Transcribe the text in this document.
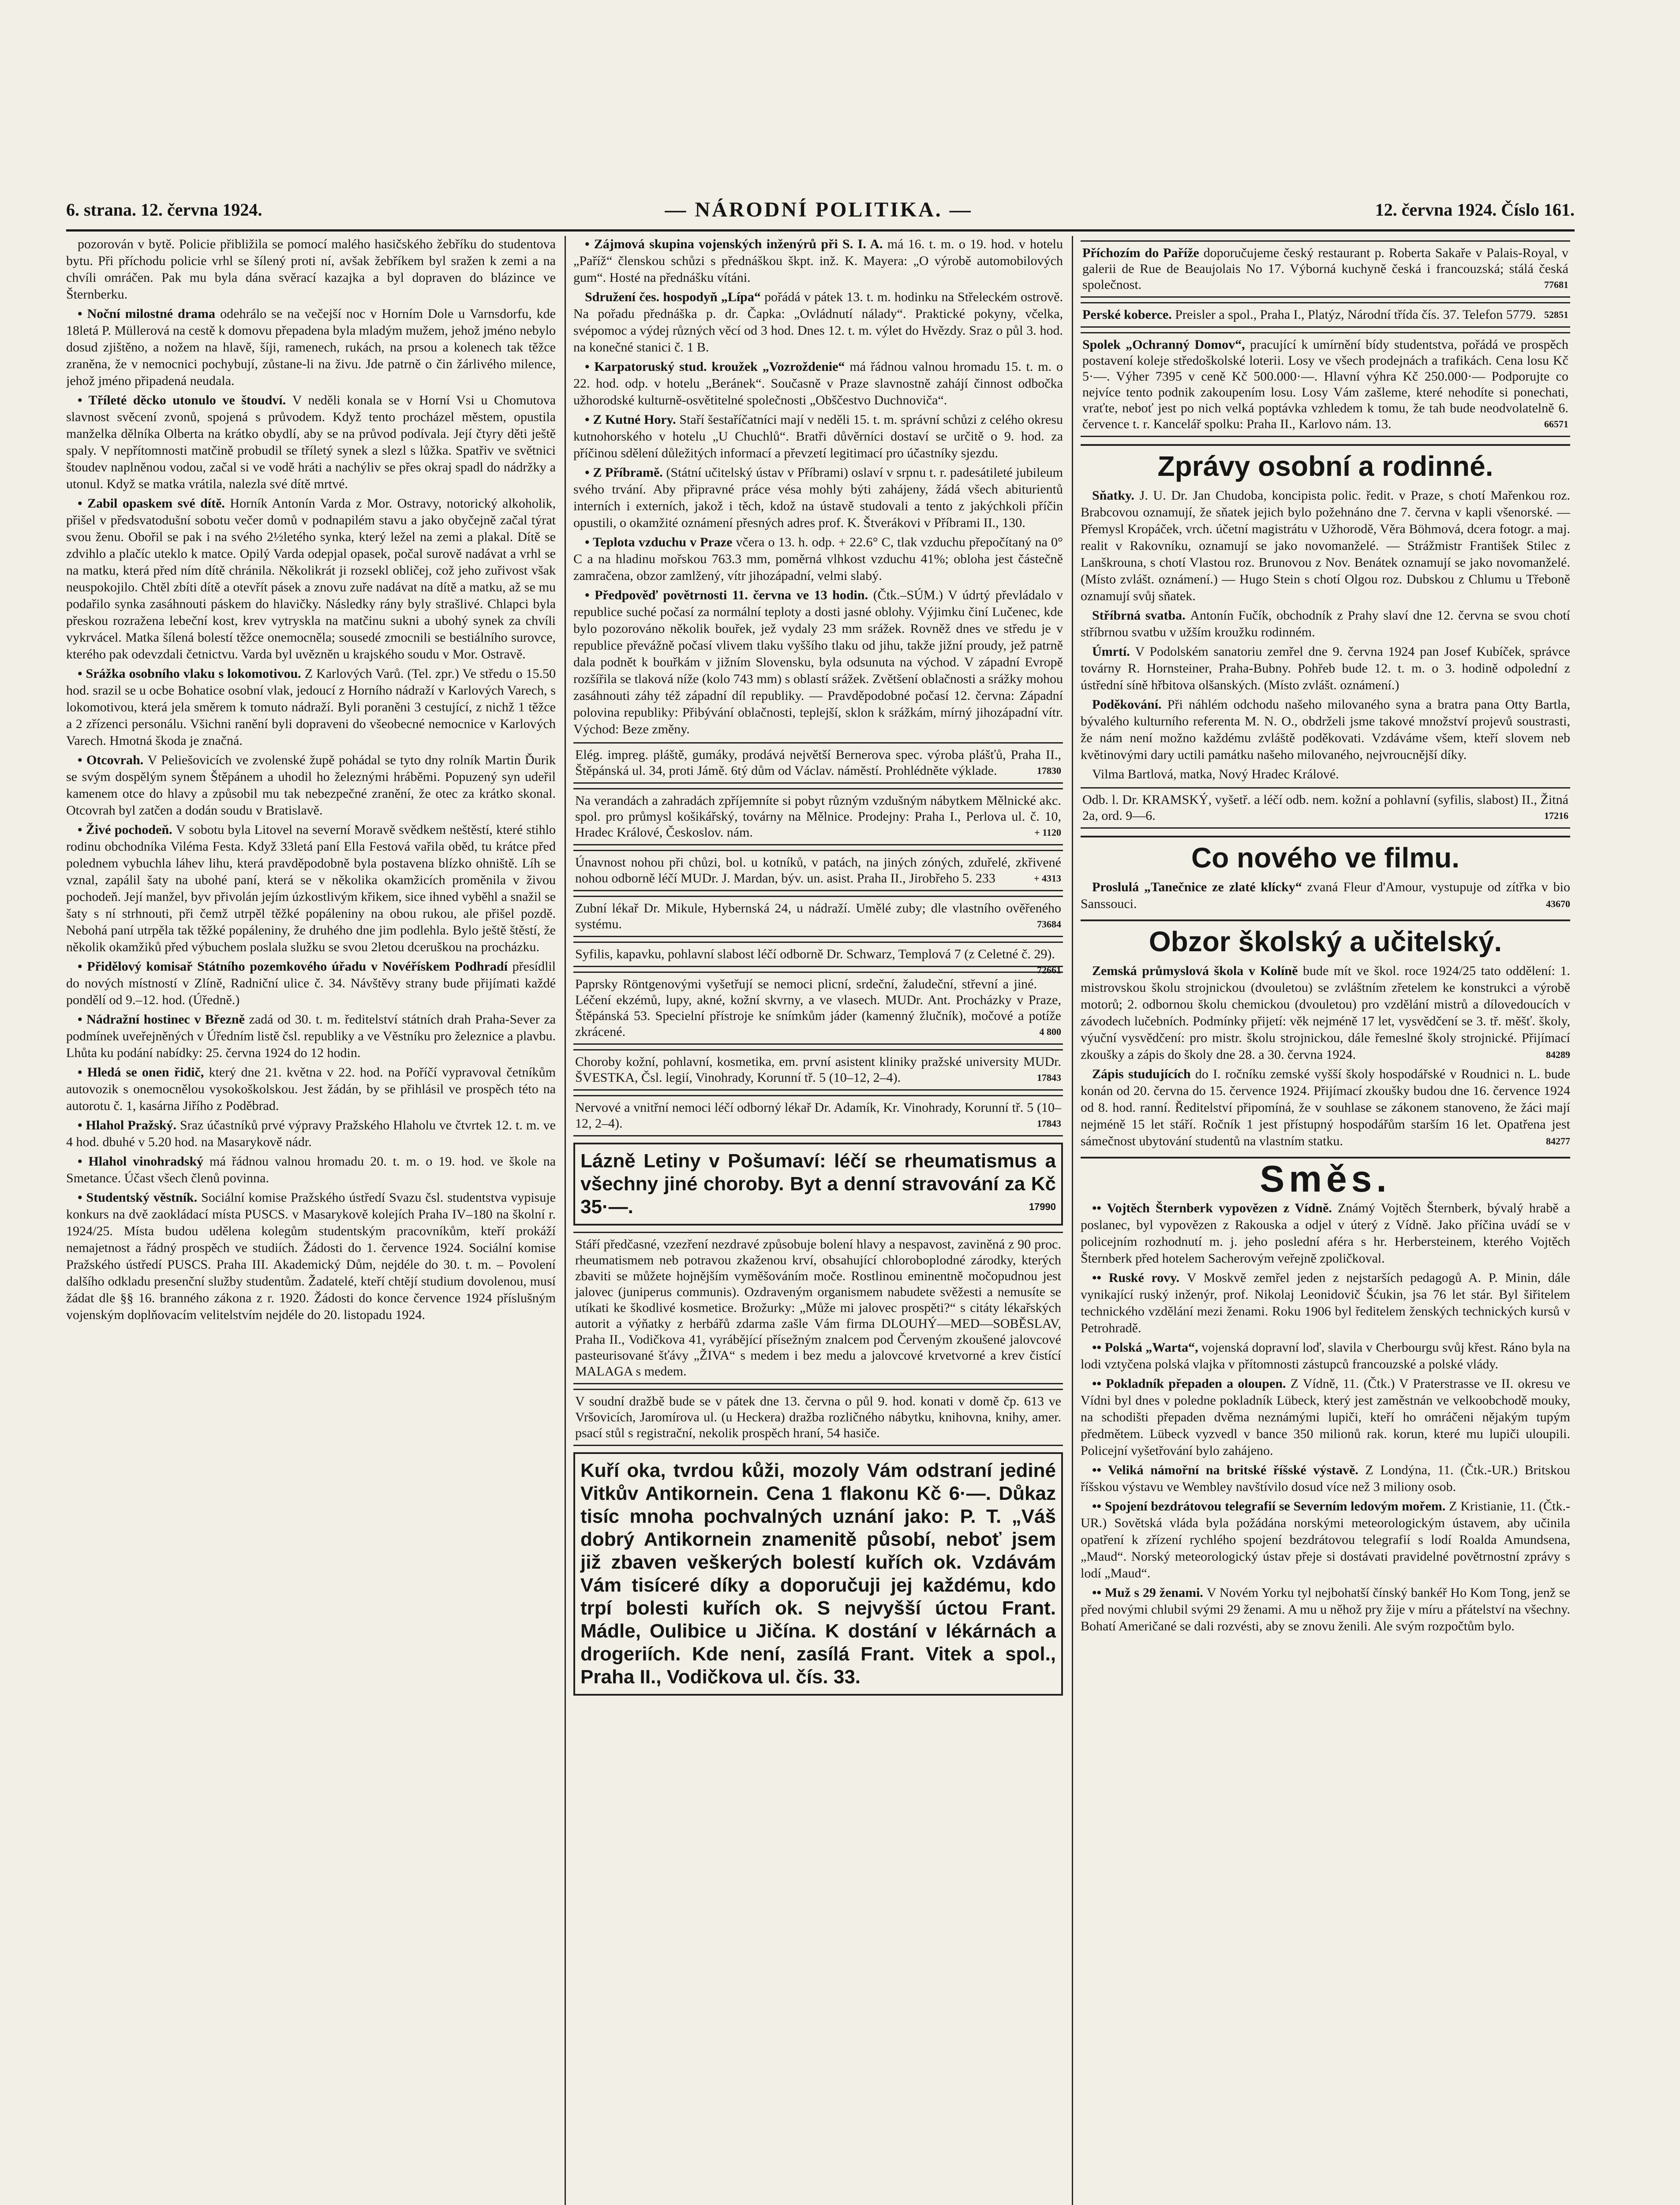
6. strana. 12. června 1924.	— NÁRODNÍ POLITIKA. —	12. června 1924. Číslo 161.

pozorován v bytě. Policie přibližila se pomocí malého hasičského žebříku do studentova bytu. Při příchodu policie vrhl se šílený proti ní, avšak žebříkem byl sražen k zemi a na chvíli omráčen. Pak mu byla dána svěrací kazajka a byl dopraven do blázince ve Šternberku.

• Noční milostné drama odehrálo se na večejší noc v Horním Dole u Varnsdorfu, kde 18letá P. Müllerová na cestě k domovu přepadena byla mladým mužem, jehož jméno nebylo dosud zjištěno, a nožem na hlavě, šíji, ramenech, rukách, na prsou a kolenech tak těžce zraněna, že v nemocnici pochybují, zůstane-li na živu. Jde patrně o čin žárlivého milence, jehož jméno připadená neudala.

• Tříleté děcko utonulo ve štoudví. V neděli konala se v Horní Vsi u Chomutova slavnost svěcení zvonů, spojená s průvodem. Když tento procházel městem, opustila manželka dělníka Olberta na krátko obydlí, aby se na průvod podívala. Její čtyry děti ještě spaly. V nepřítomnosti matčině probudil se tříletý synek a slezl s lůžka. Spatřiv ve světnici štoudev naplněnou vodou, začal si ve vodě hráti a nachýliv se přes okraj spadl do nádržky a utonul. Když se matka vrátila, nalezla své dítě mrtvé.

• Zabil opaskem své dítě. Horník Antonín Varda z Mor. Ostravy, notorický alkoholik, přišel v předsvatodušní sobotu večer domů v podnapilém stavu a jako obyčejně začal týrat svou ženu. Obořil se pak i na svého 2½letého synka, který ležel na zemi a plakal. Dítě se zdvihlo a plačíc uteklo k matce. Opilý Varda odepjal opasek, počal surově nadávat a vrhl se na matku, která před ním dítě chránila. Několikrát ji rozsekl obličej, což jeho zuřivost však neuspokojilo. Chtěl zbíti dítě a otevřít pásek a znovu zuře nadávat na dítě a matku, až se mu podařilo synka zasáhnouti páskem do hlavičky. Následky rány byly strašlivé. Chlapci byla přeskou rozražena lebeční kost, krev vytryskla na matčinu sukni a ubohý synek za chvíli vykrvácel. Matka šílená bolestí těžce onemocněla; sousedé zmocnili se bestiálního surovce, kterého pak odevzdali četnictvu. Varda byl uvězněn u krajského soudu v Mor. Ostravě.

• Srážka osobního vlaku s lokomotivou. Z Karlových Varů. (Tel. zpr.) Ve středu o 15.50 hod. srazil se u ocbe Bohatice osobní vlak, jedoucí z Horního nádraží v Karlových Varech, s lokomotivou, která jela směrem k tomuto nádraží. Byli poraněni 3 cestující, z nichž 1 těžce a 2 zřízenci personálu. Všichni ranění byli dopraveni do všeobecné nemocnice v Karlových Varech. Hmotná škoda je značná.

• Otcovrah. V Peliešovicích ve zvolenské župě pohádal se tyto dny rolník Martin Ďurik se svým dospělým synem Štěpánem a uhodil ho železnými hráběmi. Popuzený syn udeřil kamenem otce do hlavy a způsobil mu tak nebezpečné zranění, že otec za krátko skonal. Otcovrah byl zatčen a dodán soudu v Bratislavě.

• Živé pochodeň. V sobotu byla Litovel na severní Moravě svědkem neštěstí, které stihlo rodinu obchodníka Viléma Festa. Když 33letá paní Ella Festová vařila oběd, tu krátce před polednem vybuchla láhev lihu, která pravděpodobně byla postavena blízko ohniště. Líh se vznal, zapálil šaty na ubohé paní, která se v několika okamžicích proměnila v živou pochodeň. Její manžel, byv přivolán jejím úzkostlivým křikem, sice ihned vyběhl a snažil se šaty s ní strhnouti, při čemž utrpěl těžké popáleniny na obou rukou, ale přišel pozdě. Nebohá paní utrpěla tak těžké popáleniny, že druhého dne jim podlehla. Bylo ještě štěstí, že několik okamžiků před výbuchem poslala služku se svou 2letou dceruškou na procházku.

• Přidělový komisař Státního pozemkového úřadu v Novéřískem Podhradí přesídlil do nových místností v Zlíně, Radniční ulice č. 34. Návštěvy strany bude přijímati každé pondělí od 9.–12. hod. (Úředně.)

• Nádražní hostinec v Březně zadá od 30. t. m. ředitelství státních drah Praha-Sever za podmínek uveřejněných v Úředním listě čsl. republiky a ve Věstníku pro železnice a plavbu. Lhůta ku podání nabídky: 25. června 1924 do 12 hodin.

• Hledá se onen řidič, který dne 21. května v 22. hod. na Poříčí vypravoval četníkům autovozik s onemocnělou vysokoškolskou. Jest žádán, by se přihlásil ve prospěch této na autorotu č. 1, kasárna Jiřího z Poděbrad.

• Hlahol Pražský. Sraz účastníků prvé výpravy Pražského Hlaholu ve čtvrtek 12. t. m. ve 4 hod. dbuhé v 5.20 hod. na Masarykově nádr.

• Hlahol vinohradský má řádnou valnou hromadu 20. t. m. o 19. hod. ve škole na Smetance. Účast všech členů povinna.

• Studentský věstník. Sociální komise Pražského ústředí Svazu čsl. studentstva vypisuje konkurs na dvě zaokládací místa PUSCS. v Masarykově kolejích Praha IV–180 na školní r. 1924/25. Místa budou udělena kolegům studentským pracovníkům, kteří prokáží nemajetnost a řádný prospěch ve studiích. Žádosti do 1. července 1924. Sociální komise Pražského ústředí PUSCS. Praha III. Akademický Dům, nejdéle do 30. t. m. – Povolení dalšího odkladu presenční služby studentům. Žadatelé, kteří chtějí studium dovolenou, musí žádat dle §§ 16. branného zákona z r. 1920. Žádosti do konce července 1924 příslušným vojenským doplňovacím velitelstvím nejdéle do 20. listopadu 1924.

• Zájmová skupina vojenských inženýrů při S. I. A. má 16. t. m. o 19. hod. v hotelu „Paříž“ členskou schůzi s přednáškou škpt. inž. K. Mayera: „O výrobě automobilových gum“. Hosté na přednášku vítáni.

Sdružení čes. hospodyň „Lípa“ pořádá v pátek 13. t. m. hodinku na Střeleckém ostrově. Na pořadu přednáška p. dr. Čapka: „Ovládnutí nálady“. Praktické pokyny, včelka, svépomoc a výdej různých věcí od 3 hod. Dnes 12. t. m. výlet do Hvězdy. Sraz o půl 3. hod. na konečné stanici č. 1 B.

• Karpatoruský stud. kroužek „Vozroždenie“ má řádnou valnou hromadu 15. t. m. o 22. hod. odp. v hotelu „Beránek“. Současně v Praze slavnostně zahájí činnost odbočka užhorodské kulturně-osvětitelné společnosti „Obščestvo Duchnoviča“.

• Z Kutné Hory. Staří šestaříčatníci mají v neděli 15. t. m. správní schůzi z celého okresu kutnohorského v hotelu „U Chuchlů“. Bratři důvěrníci dostaví se určitě o 9. hod. za příčinou sdělení důležitých informací a převzetí legitimací pro účastníky sjezdu.

• Z Příbramě. (Státní učitelský ústav v Příbrami) oslaví v srpnu t. r. padesátileté jubileum svého trvání. Aby připravné práce vésa mohly býti zahájeny, žádá všech abiturientů interních i externích, jakož i těch, kdož na ústavě studovali a tento z jakýchkoli příčin opustili, o okamžité oznámení přesných adres prof. K. Štverákovi v Příbrami II., 130.

• Teplota vzduchu v Praze včera o 13. h. odp. + 22.6° C, tlak vzduchu přepočítaný na 0° C a na hladinu mořskou 763.3 mm, poměrná vlhkost vzduchu 41%; obloha jest částečně zamračena, obzor zamlžený, vítr jihozápadní, velmi slabý.

• Předpověď povětrnosti 11. června ve 13 hodin. (Čtk.–SÚM.) V údrtý převládalo v republice suché počasí za normální teploty a dosti jasné oblohy. Výjimku činí Lučenec, kde bylo pozorováno několik bouřek, jež vydaly 23 mm srážek. Rovněž dnes ve středu je v republice převážně počasí vlivem tlaku vyššího tlaku od jihu, takže jižní proudy, jež patrně dala podnět k bouřkám v jižním Slovensku, byla odsunuta na východ. V západní Evropě rozšířila se tlaková níže (kolo 743 mm) s oblastí srážek. Zvětšení oblačnosti a srážky mohou zasáhnouti záhy též západní díl republiky. — Pravděpodobné počasí 12. června: Západní polovina republiky: Přibývání oblačnosti, teplejší, sklon k srážkám, mírný jihozápadní vítr. Východ: Beze změny.

Elég. impreg. pláště, gumáky, prodává největší Bernerova spec. výroba plášťů, Praha II., Štěpánská ul. 34, proti Jámě. 6tý dům od Václav. náměstí. Prohlédněte výklade.	17830
Na verandách a zahradách zpříjemníte si pobyt různým vzdušným nábytkem Mělnické akc. spol. pro průmysl košikářský, továrny na Mělnice. Prodejny: Praha I., Perlova ul. č. 10, Hradec Králové, Českoslov. nám.	+ 1120
Únavnost nohou při chůzi, bol. u kotníků, v patách, na jiných zóných, zduřelé, zkřivené nohou odborně léčí MUDr. J. Mardan, býv. un. asist. Praha II., Jirobřeho 5. 233	+ 4313
Zubní lékař Dr. Mikule, Hybernská 24, u nádraží. Umělé zuby; dle vlastního ověřeného systému.	73684
Syfilis, kapavku, pohlavní slabost léčí odborně Dr. Schwarz, Templová 7 (z Celetné č. 29).
72661
Paprsky Röntgenovými vyšetřují se nemoci plicní, srdeční, žaludeční, střevní a jiné. Léčení ekzémů, lupy, akné, kožní skvrny, a ve vlasech. MUDr. Ant. Procházky v Praze, Štěpánská 53. Specielní přístroje ke snímkům jáder (kamenný žlučník), močové a potíže zkrácené.	4 800
Choroby kožní, pohlavní, kosmetika, em. první asistent kliniky pražské university MUDr. ŠVESTKA, Čsl. legií, Vinohrady, Korunní tř. 5 (10–12, 2–4).	17843
Nervové a vnitřní nemoci léčí odborný lékař Dr. Adamík, Kr. Vinohrady, Korunní tř. 5 (10–12, 2–4).	17843
Lázně Letiny v Pošumaví: léčí se rheumatismus a všechny jiné choroby. Byt a denní stravování za Kč 35·—.	17990
Stáří předčasné, vzezření nezdravé způsobuje bolení hlavy a nespavost, zaviněná z 90 proc. rheumatismem neb potravou zkaženou krví, obsahující chloroboplodné zárodky, kterých zbaviti se můžete hojnějším vyměšováním moče. Rostlinou eminentně močopudnou jest jalovec (juniperus communis). Ozdraveným organismem nabudete svěžesti a nemusíte se utíkati ke škodlivé kosmetice. Brožurky: „Může mi jalovec prospěti?“ s citáty lékařských autorit a výňatky z herbářů zdarma zašle Vám firma DLOUHÝ—MED—SOBĚSLAV, Praha II., Vodičkova 41, vyrábějící přísežným znalcem pod Červeným zkoušené jalovcové pasteurisované šťávy „ŽIVA“ s medem i bez medu a jalovcové krvetvorné a krev čistící MALAGA s medem.
V soudní dražbě bude se v pátek dne 13. června o půl 9. hod. konati v domě čp. 613 ve Vršovicích, Jaromírova ul. (u Heckera) dražba rozličného nábytku, knihovna, knihy, amer. psací stůl s registrační, nekolik prospěch hraní, 54 hasiče.
Kuří oka, tvrdou kůži, mozoly Vám odstraní jediné Vitkův Antikornein. Cena 1 flakonu Kč 6·—. Důkaz tisíc mnoha pochvalných uznání jako: P. T. „Váš dobrý Antikornein znamenitě působí, neboť jsem již zbaven veškerých bolestí kuřích ok. Vzdávám Vám tisíceré díky a doporučuji jej každému, kdo trpí bolesti kuřích ok. S nejvyšší úctou Frant. Mádle, Oulibice u Jičína. K dostání v lékárnách a drogeriích. Kde není, zasílá Frant. Vitek a spol., Praha II., Vodičkova ul. čís. 33.
Příchozím do Paříže doporučujeme český restaurant p. Roberta Sakaře v Palais-Royal, v galerii de Rue de Beaujolais No 17. Výborná kuchyně česká i francouzská; stálá česká společnost.	77681
Perské koberce. Preisler a spol., Praha I., Platýz, Národní třída čís. 37. Telefon 5779. 52851
Spolek „Ochranný Domov“, pracující k umírnění bídy studentstva, pořádá ve prospěch postavení koleje středoškolské loterii. Losy ve všech prodejnách a trafikách. Cena losu Kč 5·—. Výher 7395 v ceně Kč 500.000·—. Hlavní výhra Kč 250.000·— Podporujte co nejvíce tento podnik zakoupením losu. Losy Vám zašleme, které nehodíte si ponechati, vraťte, neboť jest po nich velká poptávka vzhledem k tomu, že tah bude neodvolatelně 6. července t. r. Kancelář spolku: Praha II., Karlovo nám. 13.	66571
Zprávy osobní a rodinné.

Sňatky. J. U. Dr. Jan Chudoba, koncipista polic. ředit. v Praze, s chotí Mařenkou roz. Brabcovou oznamují, že sňatek jejich bylo požehnáno dne 7. června v kapli všenorské. — Přemysl Kropáček, vrch. účetní magistrátu v Užhorodě, Věra Böhmová, dcera fotogr. a maj. realit v Rakovníku, oznamují se jako novomanželé. — Strážmistr František Stilec z Lanškrouna, s chotí Vlastou roz. Brunovou z Nov. Benátek oznamují se jako novomanželé. (Místo zvlášt. oznámení.) — Hugo Stein s chotí Olgou roz. Dubskou z Chlumu u Třeboně oznamují svůj sňatek.

Stříbrná svatba. Antonín Fučík, obchodník z Prahy slaví dne 12. června se svou chotí stříbrnou svatbu v užším kroužku rodinném.

Úmrtí. V Podolském sanatoriu zemřel dne 9. června 1924 pan Josef Kubíček, správce továrny R. Hornsteiner, Praha-Bubny. Pohřeb bude 12. t. m. o 3. hodině odpolední z ústřední síně hřbitova olšanských. (Místo zvlášt. oznámení.)

Poděkování. Při náhlém odchodu našeho milovaného syna a bratra pana Otty Bartla, bývalého kulturního referenta M. N. O., obdrželi jsme takové množství projevů soustrasti, že nám není možno každému zvláště poděkovati. Vzdáváme všem, kteří slovem neb květinovými dary uctili památku našeho milovaného, nejvroucnější díky.

Vilma Bartlová, matka, Nový Hradec Králové.

Odb. l. Dr. KRAMSKÝ, vyšetř. a léčí odb. nem. kožní a pohlavní (syfilis, slabost) II., Žitná 2a, ord. 9—6.	17216
Co nového ve filmu.

Proslulá „Tanečnice ze zlaté klícky“ zvaná Fleur d'Amour, vystupuje od zítřka v bio Sanssouci.	43670

Obzor školský a učitelský.

Zemská průmyslová škola v Kolíně bude mít ve škol. roce 1924/25 tato oddělení: 1. mistrovskou školu strojnickou (dvouletou) se zvláštním zřetelem ke konstrukci a výrobě motorů; 2. odbornou školu chemickou (dvouletou) pro vzdělání mistrů a dílovedoucích v závodech lučebních. Podmínky přijetí: věk nejméně 17 let, vysvědčení se 3. tř. měšť. školy, výuční vysvědčení: pro mistr. školu strojnickou, dále řemeslné školy strojnické. Přijímací zkoušky a zápis do školy dne 28. a 30. června 1924.	84289

Zápis studujících do I. ročníku zemské vyšší školy hospodářské v Roudnici n. L. bude konán od 20. června do 15. července 1924. Přijímací zkoušky budou dne 16. července 1924 od 8. hod. ranní. Ředitelství připomíná, že v souhlase se zákonem stanoveno, že žáci mají nejméně 15 let stáří. Ročník 1 jest přístupný hospodářům starším 16 let. Opatřena jest sámečnost ubytování studentů na vlastním statku.	84277

Směs.

•• Vojtěch Šternberk vypovězen z Vídně. Známý Vojtěch Šternberk, bývalý hrabě a poslanec, byl vypovězen z Rakouska a odjel v úterý z Vídně. Jako příčina uvádí se v policejním rozhodnutí m. j. jeho poslední aféra s hr. Herbersteinem, kterého Vojtěch Šternberk před hotelem Sacherovým veřejně zpoličkoval.

•• Ruské rovy. V Moskvě zemřel jeden z nejstarších pedagogů A. P. Minin, dále vynikající ruský inženýr, prof. Nikolaj Leonidovič Šćukin, jsa 76 let stár. Byl šiřitelem technického vzdělání mezi ženami. Roku 1906 byl ředitelem ženských technických kursů v Petrohradě.

•• Polská „Warta“, vojenská dopravní loď, slavila v Cherbourgu svůj křest. Ráno byla na lodi vztyčena polská vlajka v přítomnosti zástupců francouzské a polské vlády.

•• Pokladník přepaden a oloupen. Z Vídně, 11. (Čtk.) V Praterstrasse ve II. okresu ve Vídni byl dnes v poledne pokladník Lübeck, který jest zaměstnán ve velkoobchodě mouky, na schodišti přepaden dvěma neznámými lupiči, kteří ho omráčeni nějakým tupým předmětem. Lübeck vyzvedl v bance 350 milionů rak. korun, které mu lupiči uloupili. Policejní vyšetřování bylo zahájeno.

•• Veliká námořní na britské říšské výstavě. Z Londýna, 11. (Čtk.-UR.) Britskou říšskou výstavu ve Wembley navštívilo dosud více než 3 miliony osob.

•• Spojení bezdrátovou telegrafií se Severním ledovým mořem. Z Kristianie, 11. (Čtk.-UR.) Sovětská vláda byla požádána norskými meteorologickým ústavem, aby učinila opatření k zřízení rychlého spojení bezdrátovou telegrafií s lodí Roalda Amundsena, „Maud“. Norský meteorologický ústav přeje si dostávati pravidelné povětrnostní zprávy s lodí „Maud“.

•• Muž s 29 ženami. V Novém Yorku tyl nejbohatší čínský bankéř Ho Kom Tong, jenž se před novými chlubil svými 29 ženami. A mu u něhož pry žije v míru a přátelství na všechny. Bohatí Američané se dali rozvésti, aby se znovu ženili. Ale svým rozpočtům bylo.
